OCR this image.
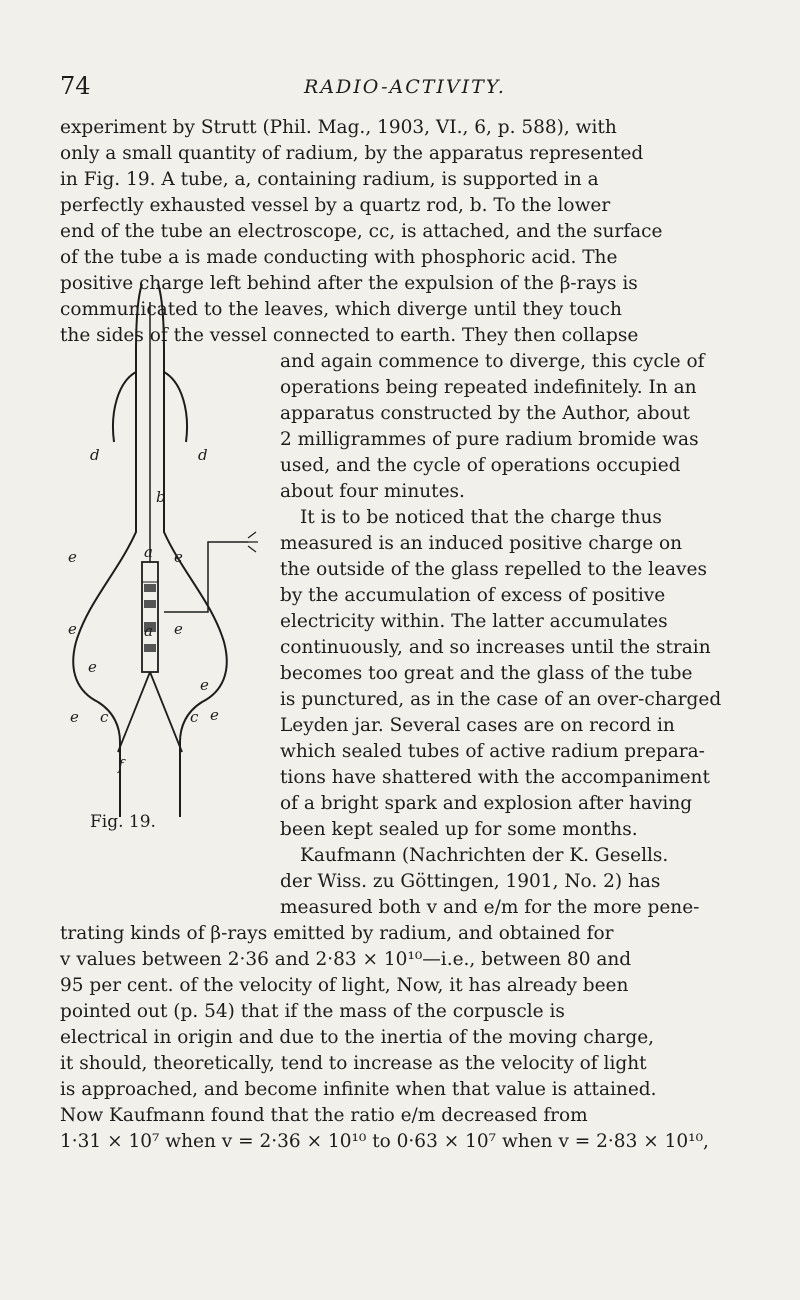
74	RADIO-ACTIVITY.
experiment by Strutt (Phil. Mag., 1903, VI., 6, p. 588), with
only a small quantity of radium, by the apparatus represented
in Fig. 19. A tube, a, containing radium, is supported in a
perfectly exhausted vessel by a quartz rod, b. To the lower
end of the tube an electroscope, cc, is attached, and the surface
of the tube a is made conducting with phosphoric acid. The
positive charge left behind after the expulsion of the β-rays is
communicated to the leaves, which diverge until they touch
the sides of the vessel connected to earth. They then collapse
and again commence to diverge, this cycle of
operations being repeated indefinitely. In an
apparatus constructed by the Author, about
2 milligrammes of pure radium bromide was
used, and the cycle of operations occupied
about four minutes.
It is to be noticed that the charge thus
measured is an induced positive charge on
the outside of the glass repelled to the leaves
by the accumulation of excess of positive
electricity within. The latter accumulates
continuously, and so increases until the strain
becomes too great and the glass of the tube
is punctured, as in the case of an over-charged
Leyden jar. Several cases are on record in
which sealed tubes of active radium prepara-
tions have shattered with the accompaniment
of a bright spark and explosion after having
been kept sealed up for some months.
Kaufmann (Nachrichten der K. Gesells.
der Wiss. zu Göttingen, 1901, No. 2) has
measured both v and e/m for the more pene-
trating kinds of β-rays emitted by radium, and obtained for
v values between 2·36 and 2·83 × 10¹⁰—i.e., between 80 and
95 per cent. of the velocity of light, Now, it has already been
pointed out (p. 54) that if the mass of the corpuscle is
electrical in origin and due to the inertia of the moving charge,
it should, theoretically, tend to increase as the velocity of light
is approached, and become infinite when that value is attained.
Now Kaufmann found that the ratio e/m decreased from
1·31 × 10⁷ when v = 2·36 × 10¹⁰ to 0·63 × 10⁷ when v = 2·83 × 10¹⁰,
d	d
b
a
a
e	e
e	e
e
e
e	e
c	c
f
Fig. 19.
